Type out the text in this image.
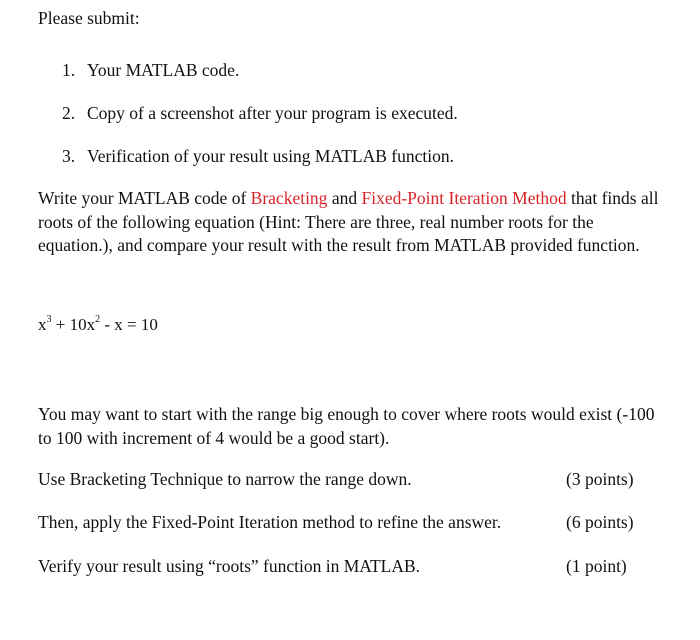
Please submit:
1. Your MATLAB code.
2. Copy of a screenshot after your program is executed.
3. Verification of your result using MATLAB function.
Write your MATLAB code of Bracketing and Fixed-Point Iteration Method that finds all roots of the following equation (Hint: There are three, real number roots for the equation.), and compare your result with the result from MATLAB provided function.
$x^3 + 10x^2 - x = 10$
You may want to start with the range big enough to cover where roots would exist (-100 to 100 with increment of 4 would be a good start).
Use Bracketing Technique to narrow the range down.	(3 points)
Then, apply the Fixed-Point Iteration method to refine the answer.	(6 points)
Verify your result using “roots” function in MATLAB.	(1 point)
